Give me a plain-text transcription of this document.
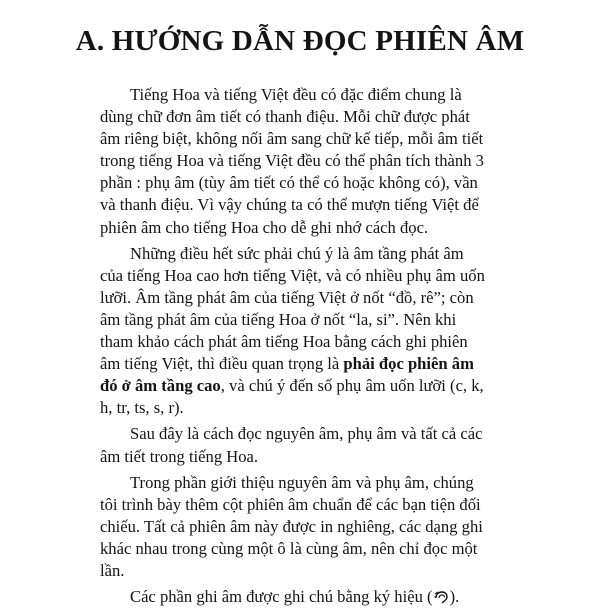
A. HƯỚNG DẪN ĐỌC PHIÊN ÂM
Tiếng Hoa và tiếng Việt đều có đặc điểm chung là
dùng chữ đơn âm tiết có thanh điệu. Mỗi chữ được phát
âm riêng biệt, không nối âm sang chữ kế tiếp, mỗi âm tiết
trong tiếng Hoa và tiếng Việt đều có thể phân tích thành 3
phần : phụ âm (tùy âm tiết có thể có hoặc không có), vần
và thanh điệu. Vì vậy chúng ta có thể mượn tiếng Việt để
phiên âm cho tiếng Hoa cho dễ ghi nhớ cách đọc.
Những điều hết sức phải chú ý là âm tầng phát âm
của tiếng Hoa cao hơn tiếng Việt, và có nhiều phụ âm uốn
lưỡi. Âm tầng phát âm của tiếng Việt ở nốt “đồ, rê”; còn
âm tầng phát âm của tiếng Hoa ở nốt “la, si”. Nên khi
tham khảo cách phát âm tiếng Hoa bằng cách ghi phiên
âm tiếng Việt, thì điều quan trọng là phải đọc phiên âm
đó ở âm tầng cao, và chú ý đến số phụ âm uốn lưỡi (c, k,
h, tr, ts, s, r).
Sau đây là cách đọc nguyên âm, phụ âm và tất cả các
âm tiết trong tiếng Hoa.
Trong phần giới thiệu nguyên âm và phụ âm, chúng
tôi trình bày thêm cột phiên âm chuẩn để các bạn tiện đối
chiếu. Tất cả phiên âm này được in nghiêng, các dạng ghi
khác nhau trong cùng một ô là cùng âm, nên chỉ đọc một
lần.
Các phần ghi âm được ghi chú bằng ký hiệu ( ).
